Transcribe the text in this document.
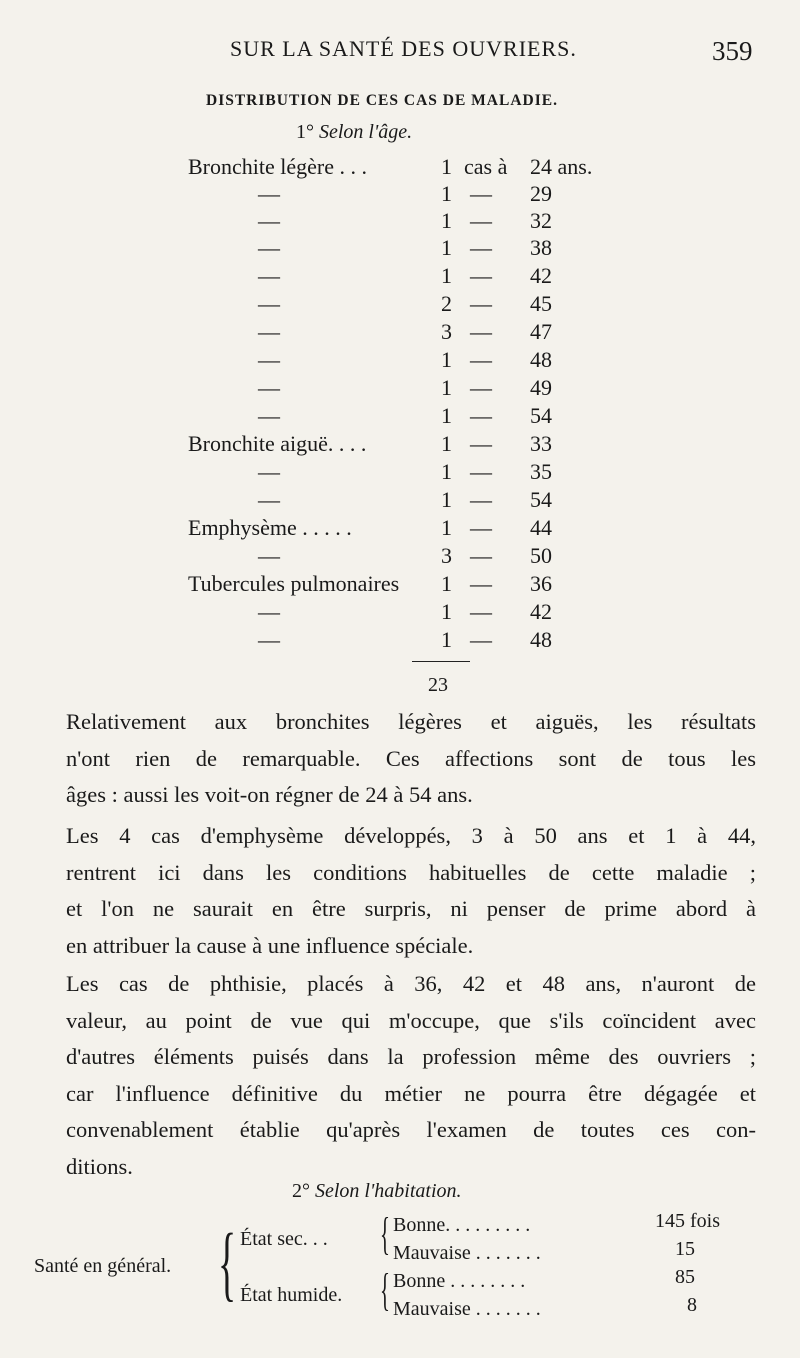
SUR LA SANTÉ DES OUVRIERS.	359
DISTRIBUTION DE CES CAS DE MALADIE.
1° Selon l'âge.
Bronchite légère . . .	1 cas à 24 ans.
—	1 — 29
—	1 — 32
—	1 — 38
—	1 — 42
—	2 — 45
—	3 — 47
—	1 — 48
—	1 — 49
—	1 — 54
Bronchite aiguë. . . .	1 — 33
—	1 — 35
—	1 — 54
Emphysème . . . . .	1 — 44
—	3 — 50
Tubercules pulmonaires 1 — 36
—	1 — 42
—	1 — 48
23
Relativement aux bronchites légères et aiguës, les résultats
n'ont rien de remarquable. Ces affections sont de tous les
âges : aussi les voit-on régner de 24 à 54 ans.
Les 4 cas d'emphysème développés, 3 à 50 ans et 1 à 44,
rentrent ici dans les conditions habituelles de cette maladie ;
et l'on ne saurait en être surpris, ni penser de prime abord à
en attribuer la cause à une influence spéciale.
Les cas de phthisie, placés à 36, 42 et 48 ans, n'auront de
valeur, au point de vue qui m'occupe, que s'ils coïncident avec
d'autres éléments puisés dans la profession même des ouvriers ;
car l'influence définitive du métier ne pourra être dégagée et
convenablement établie qu'après l'examen de toutes ces con-
ditions.
2° Selon l'habitation.
Santé en général. { État sec. . . { Bonne. . . . . . . . .	145 fois
Mauvaise . . . . . . .	15
État humide. { Bonne . . . . . . . .	85
Mauvaise . . . . . . .	8
